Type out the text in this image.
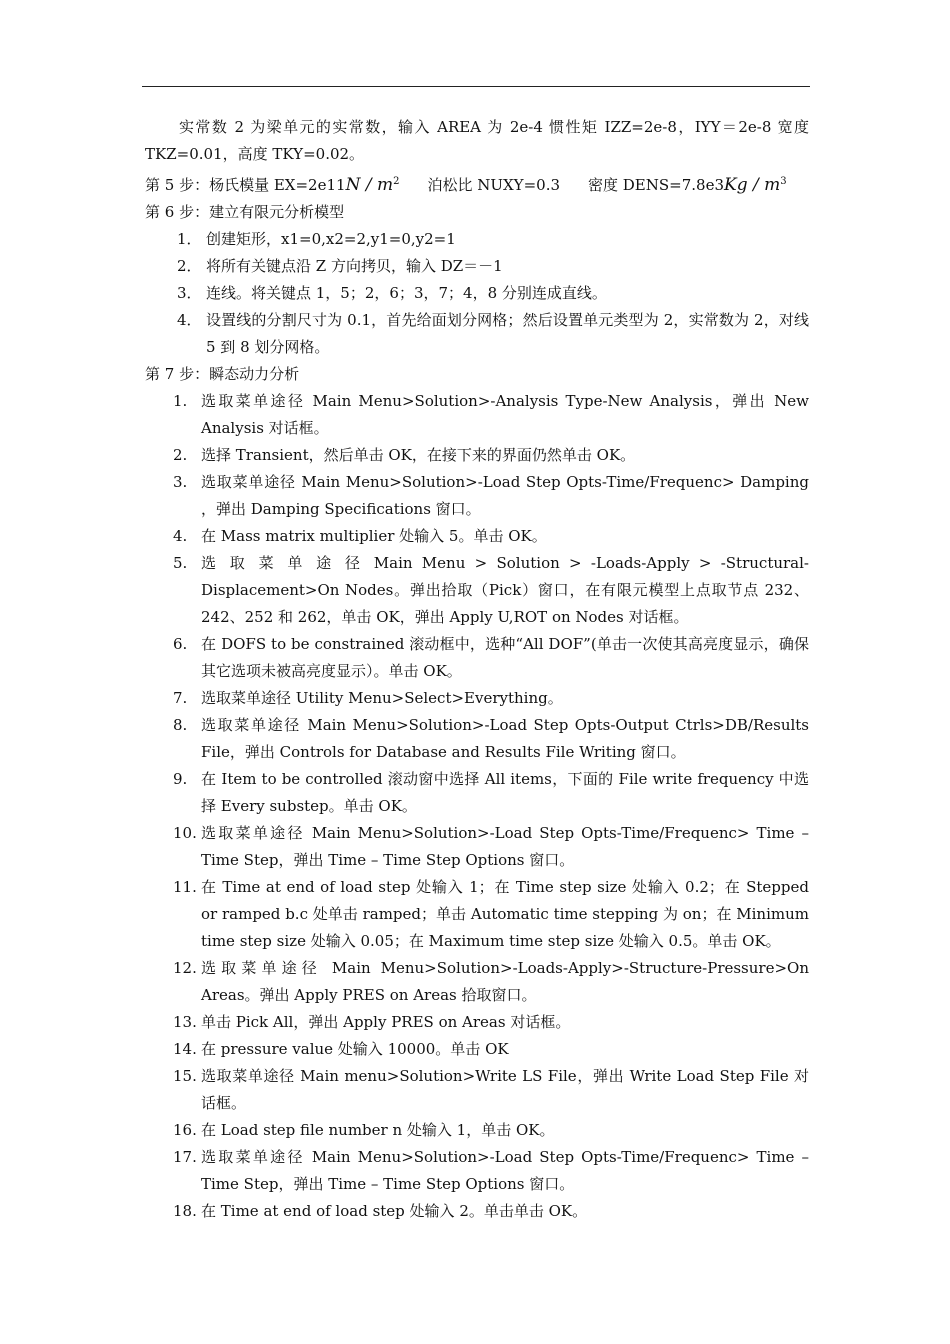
实常数 2 为梁单元的实常数，输入 AREA 为 2e-4 惯性矩 IZZ=2e-8，IYY＝2e-8 宽度 TKZ=0.01，高度 TKY=0.02。

第 5 步：杨氏模量 $EX=2e11N / m^2$ 泊松比 NUXY=0.3 密度 DENS=7.8e3Kg / $m^3$

第 6 步：建立有限元分析模型

1． 创建矩形，x1=0,x2=2,y1=0,y2=1
2． 将所有关键点沿 Z 方向拷贝，输入 DZ＝－1
3． 连线。将关键点 1，5；2，6；3，7；4，8 分别连成直线。
4． 设置线的分割尺寸为 0.1，首先给面划分网格；然后设置单元类型为 2，实常数为 2，对线 5 到 8 划分网格。

第 7 步：瞬态动力分析

1. 选取菜单途径 Main Menu>Solution>-Analysis Type-New Analysis，弹出 New Analysis 对话框。
2. 选择 Transient，然后单击 OK，在接下来的界面仍然单击 OK。
3. 选取菜单途径 Main Menu>Solution>-Load Step Opts-Time/Frequenc> Damping ，弹出 Damping Specifications 窗口。
4. 在 Mass matrix multiplier 处输入 5。单击 OK。
5. 选 取 菜 单 途 径 Main Menu > Solution > -Loads-Apply > -Structural-Displacement>On Nodes。弹出拾取（Pick）窗口，在有限元模型上点取节点 232、242、252 和 262，单击 OK，弹出 Apply U,ROT on Nodes 对话框。
6. 在 DOFS to be constrained 滚动框中，选种“All DOF”(单击一次使其高亮度显示，确保其它选项未被高亮度显示）。单击 OK。
7. 选取菜单途径 Utility Menu>Select>Everything。
8. 选取菜单途径 Main Menu>Solution>-Load Step Opts-Output Ctrls>DB/Results File，弹出 Controls for Database and Results File Writing 窗口。
9. 在 Item to be controlled 滚动窗中选择 All items，下面的 File write frequency 中选择 Every substep。单击 OK。
10. 选取菜单途径 Main Menu>Solution>-Load Step Opts-Time/Frequenc> Time – Time Step，弹出 Time – Time Step Options 窗口。
11. 在 Time at end of load step 处输入 1；在 Time step size 处输入 0.2；在 Stepped or ramped b.c 处单击 ramped；单击 Automatic time stepping 为 on；在 Minimum time step size 处输入 0.05；在 Maximum time step size 处输入 0.5。单击 OK。
12. 选取菜单途径 Main Menu>Solution>-Loads-Apply>-Structure-Pressure>On Areas。弹出 Apply PRES on Areas 拾取窗口。
13. 单击 Pick All，弹出 Apply PRES on Areas 对话框。
14. 在 pressure value 处输入 10000。单击 OK
15. 选取菜单途径 Main menu>Solution>Write LS File，弹出 Write Load Step File 对话框。
16. 在 Load step file number n 处输入 1，单击 OK。
17. 选取菜单途径 Main Menu>Solution>-Load Step Opts-Time/Frequenc> Time – Time Step，弹出 Time – Time Step Options 窗口。
18. 在 Time at end of load step 处输入 2。单击单击 OK。
